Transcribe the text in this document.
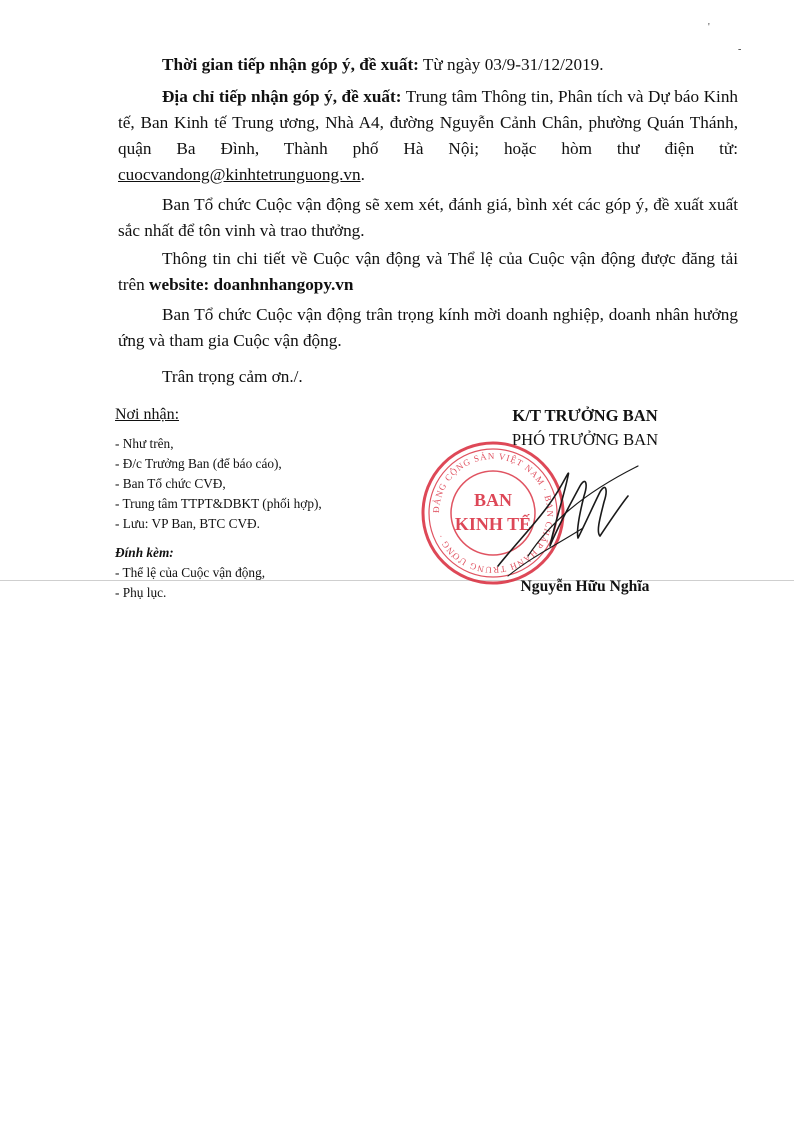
'
-
Thời gian tiếp nhận góp ý, đề xuất: Từ ngày 03/9-31/12/2019.
Địa chỉ tiếp nhận góp ý, đề xuất: Trung tâm Thông tin, Phân tích và Dự báo Kinh tế, Ban Kinh tế Trung ương, Nhà A4, đường Nguyễn Cảnh Chân, phường Quán Thánh, quận Ba Đình, Thành phố Hà Nội; hoặc hòm thư điện tử: cuocvandong@kinhtetrunguong.vn.
Ban Tổ chức Cuộc vận động sẽ xem xét, đánh giá, bình xét các góp ý, đề xuất xuất sắc nhất để tôn vinh và trao thưởng.
Thông tin chi tiết về Cuộc vận động và Thể lệ của Cuộc vận động được đăng tải trên website: doanhnhangopy.vn
Ban Tổ chức Cuộc vận động trân trọng kính mời doanh nghiệp, doanh nhân hưởng ứng và tham gia Cuộc vận động.
Trân trọng cảm ơn./.
Nơi nhận:
- Như trên,
- Đ/c Trưởng Ban (để báo cáo),
- Ban Tổ chức CVĐ,
- Trung tâm TTPT&DBKT (phối hợp),
- Lưu: VP Ban, BTC CVĐ.
Đính kèm:
- Thể lệ của Cuộc vận động,
- Phụ lục.
K/T TRƯỞNG BAN
PHÓ TRƯỞNG BAN
ĐẢNG CỘNG SẢN VIỆT NAM · BAN CHẤP HÀNH TRUNG ƯƠNG ·
BAN
KINH TẾ
Nguyễn Hữu Nghĩa
